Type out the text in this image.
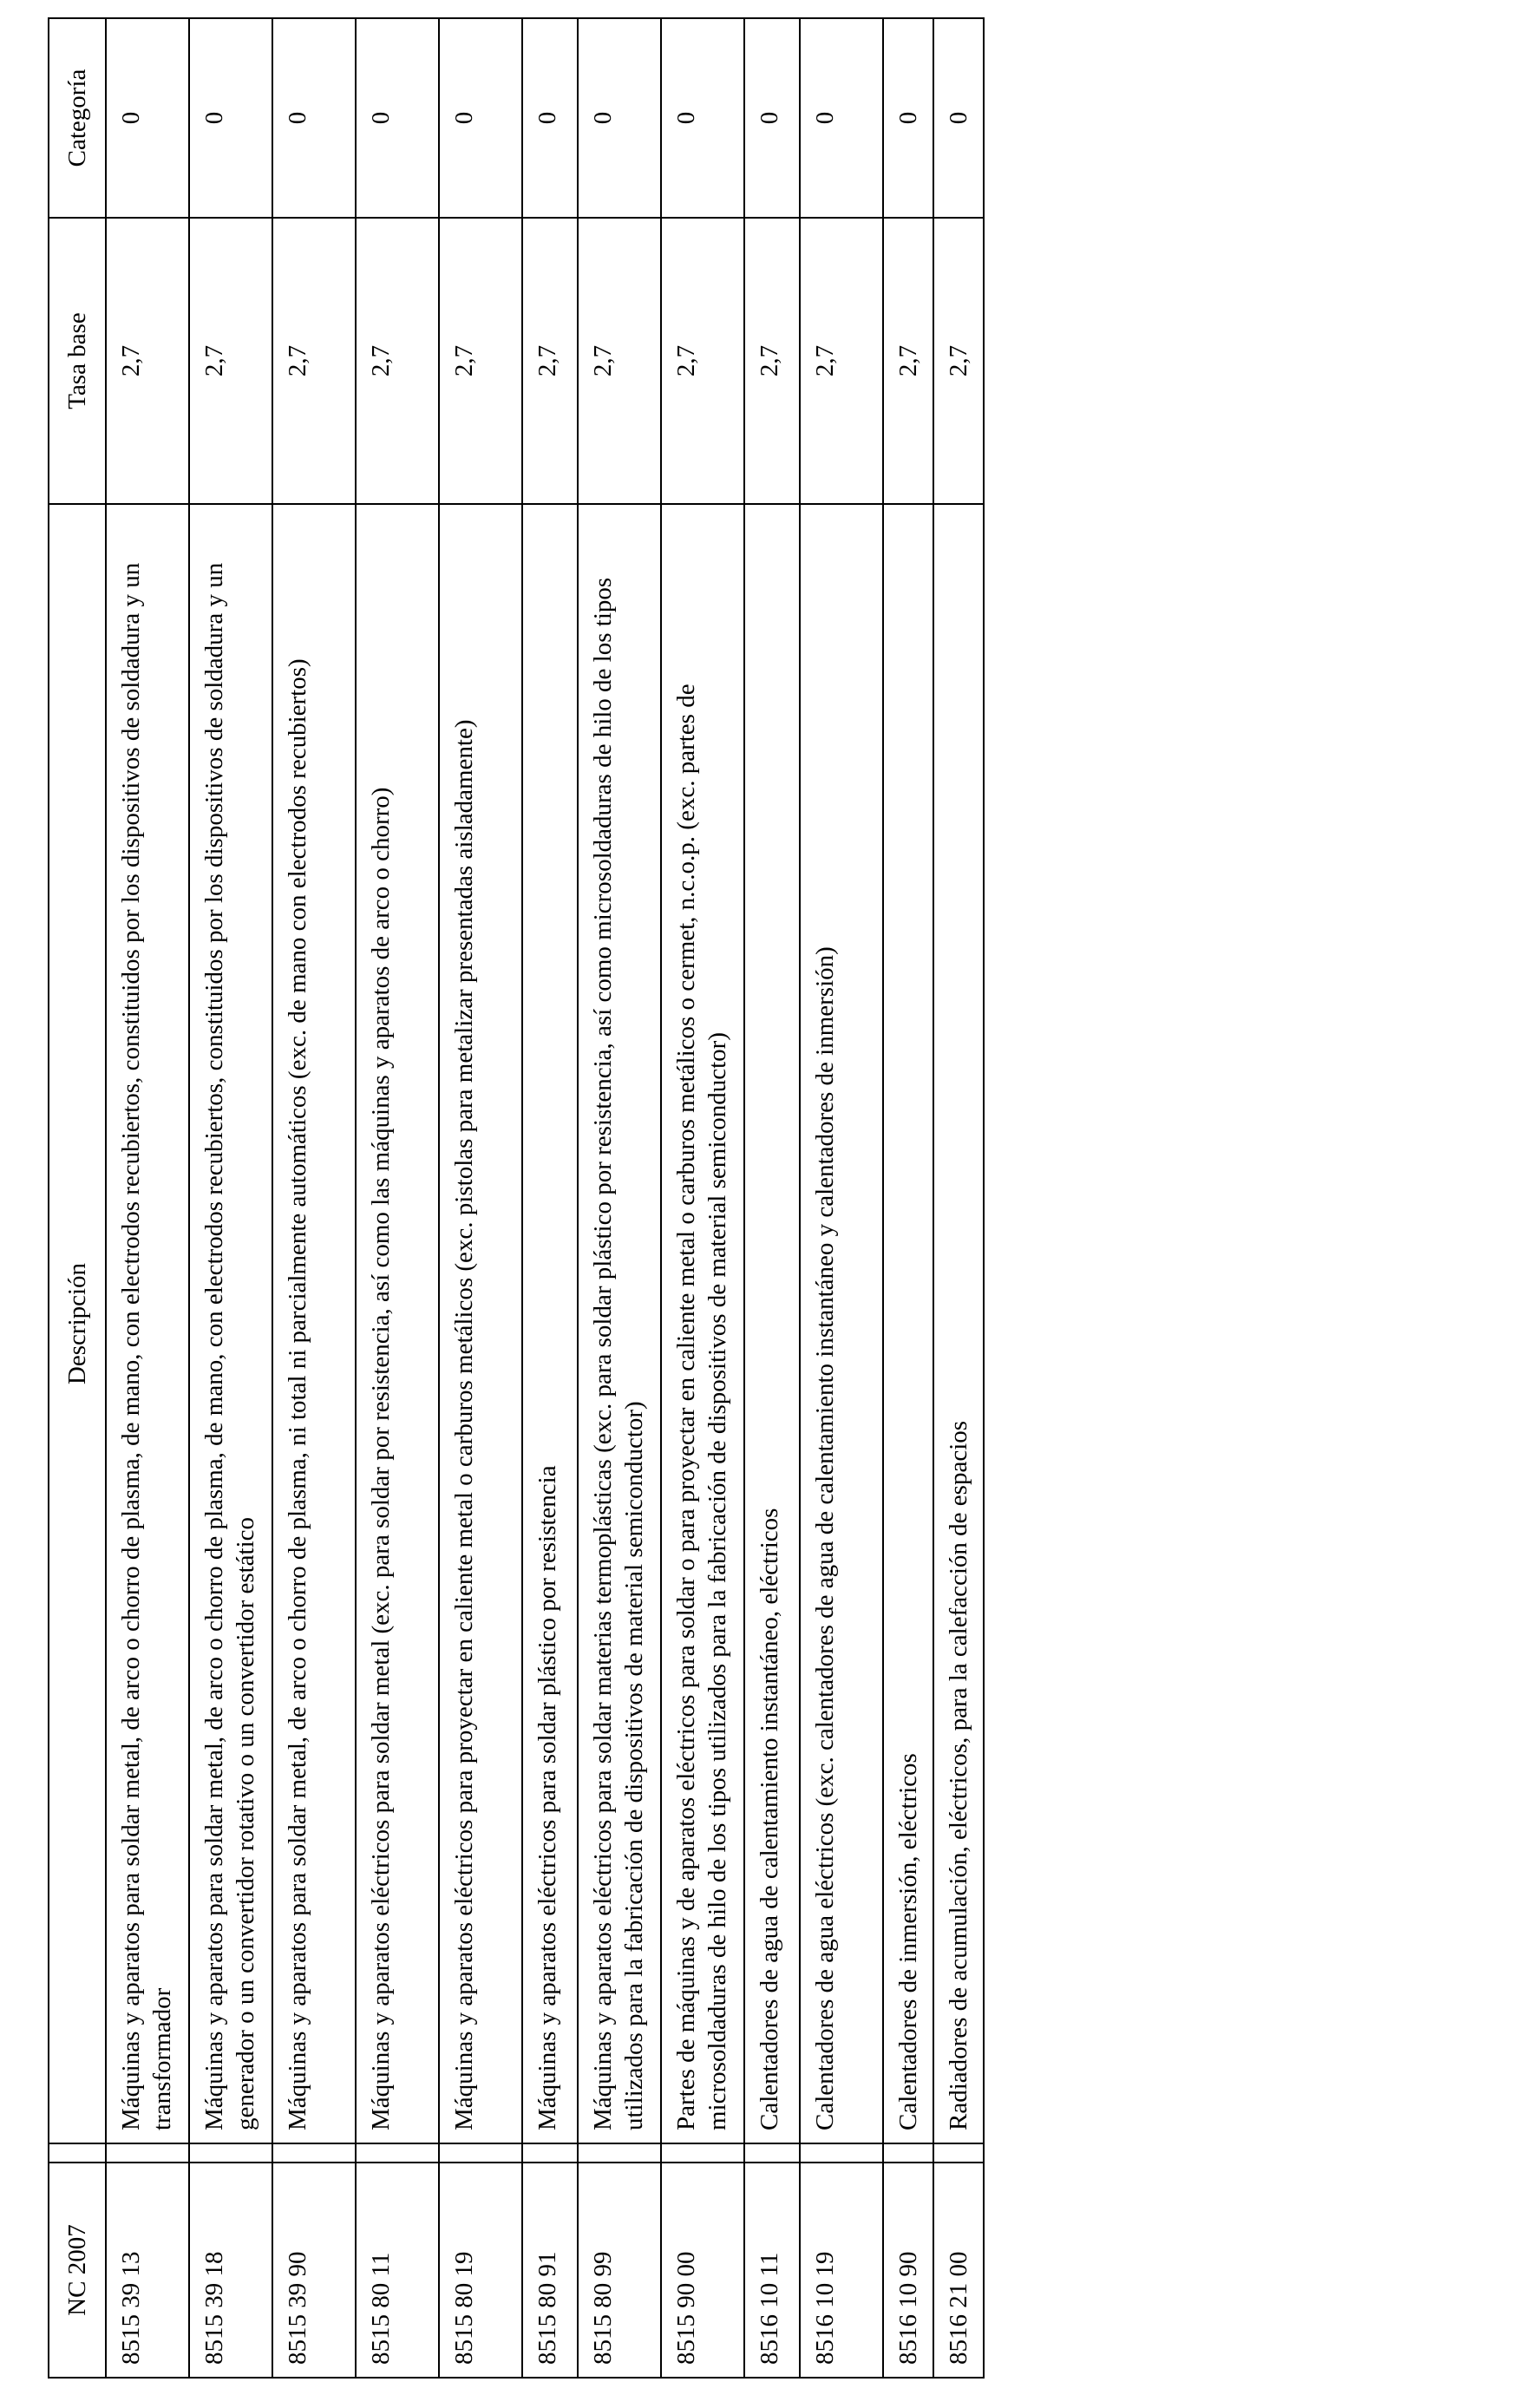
NC 2007		Descripción	Tasa base	Categoría
8515 39 13		Máquinas y aparatos para soldar metal, de arco o chorro de plasma, de mano, con electrodos recubiertos, constituidos por los dispositivos de soldadura y un transformador	2,7	0
8515 39 18		Máquinas y aparatos para soldar metal, de arco o chorro de plasma, de mano, con electrodos recubiertos, constituidos por los dispositivos de soldadura y un generador o un convertidor rotativo o un convertidor estático	2,7	0
8515 39 90		Máquinas y aparatos para soldar metal, de arco o chorro de plasma, ni total ni parcialmente automáticos (exc. de mano con electrodos recubiertos)	2,7	0
8515 80 11		Máquinas y aparatos eléctricos para soldar metal (exc. para soldar por resistencia, así como las máquinas y aparatos de arco o chorro)	2,7	0
8515 80 19		Máquinas y aparatos eléctricos para proyectar en caliente metal o carburos metálicos (exc. pistolas para metalizar presentadas aisladamente)	2,7	0
8515 80 91		Máquinas y aparatos eléctricos para soldar plástico por resistencia	2,7	0
8515 80 99		Máquinas y aparatos eléctricos para soldar materias termoplásticas (exc. para soldar plástico por resistencia, así como microsoldaduras de hilo de los tipos utilizados para la fabricación de dispositivos de material semiconductor)	2,7	0
8515 90 00		Partes de máquinas y de aparatos eléctricos para soldar o para proyectar en caliente metal o carburos metálicos o cermet, n.c.o.p. (exc. partes de microsoldaduras de hilo de los tipos utilizados para la fabricación de dispositivos de material semiconductor)	2,7	0
8516 10 11		Calentadores de agua de calentamiento instantáneo, eléctricos	2,7	0
8516 10 19		Calentadores de agua eléctricos (exc. calentadores de agua de calentamiento instantáneo y calentadores de inmersión)	2,7	0
8516 10 90		Calentadores de inmersión, eléctricos	2,7	0
8516 21 00		Radiadores de acumulación, eléctricos, para la calefacción de espacios	2,7	0
